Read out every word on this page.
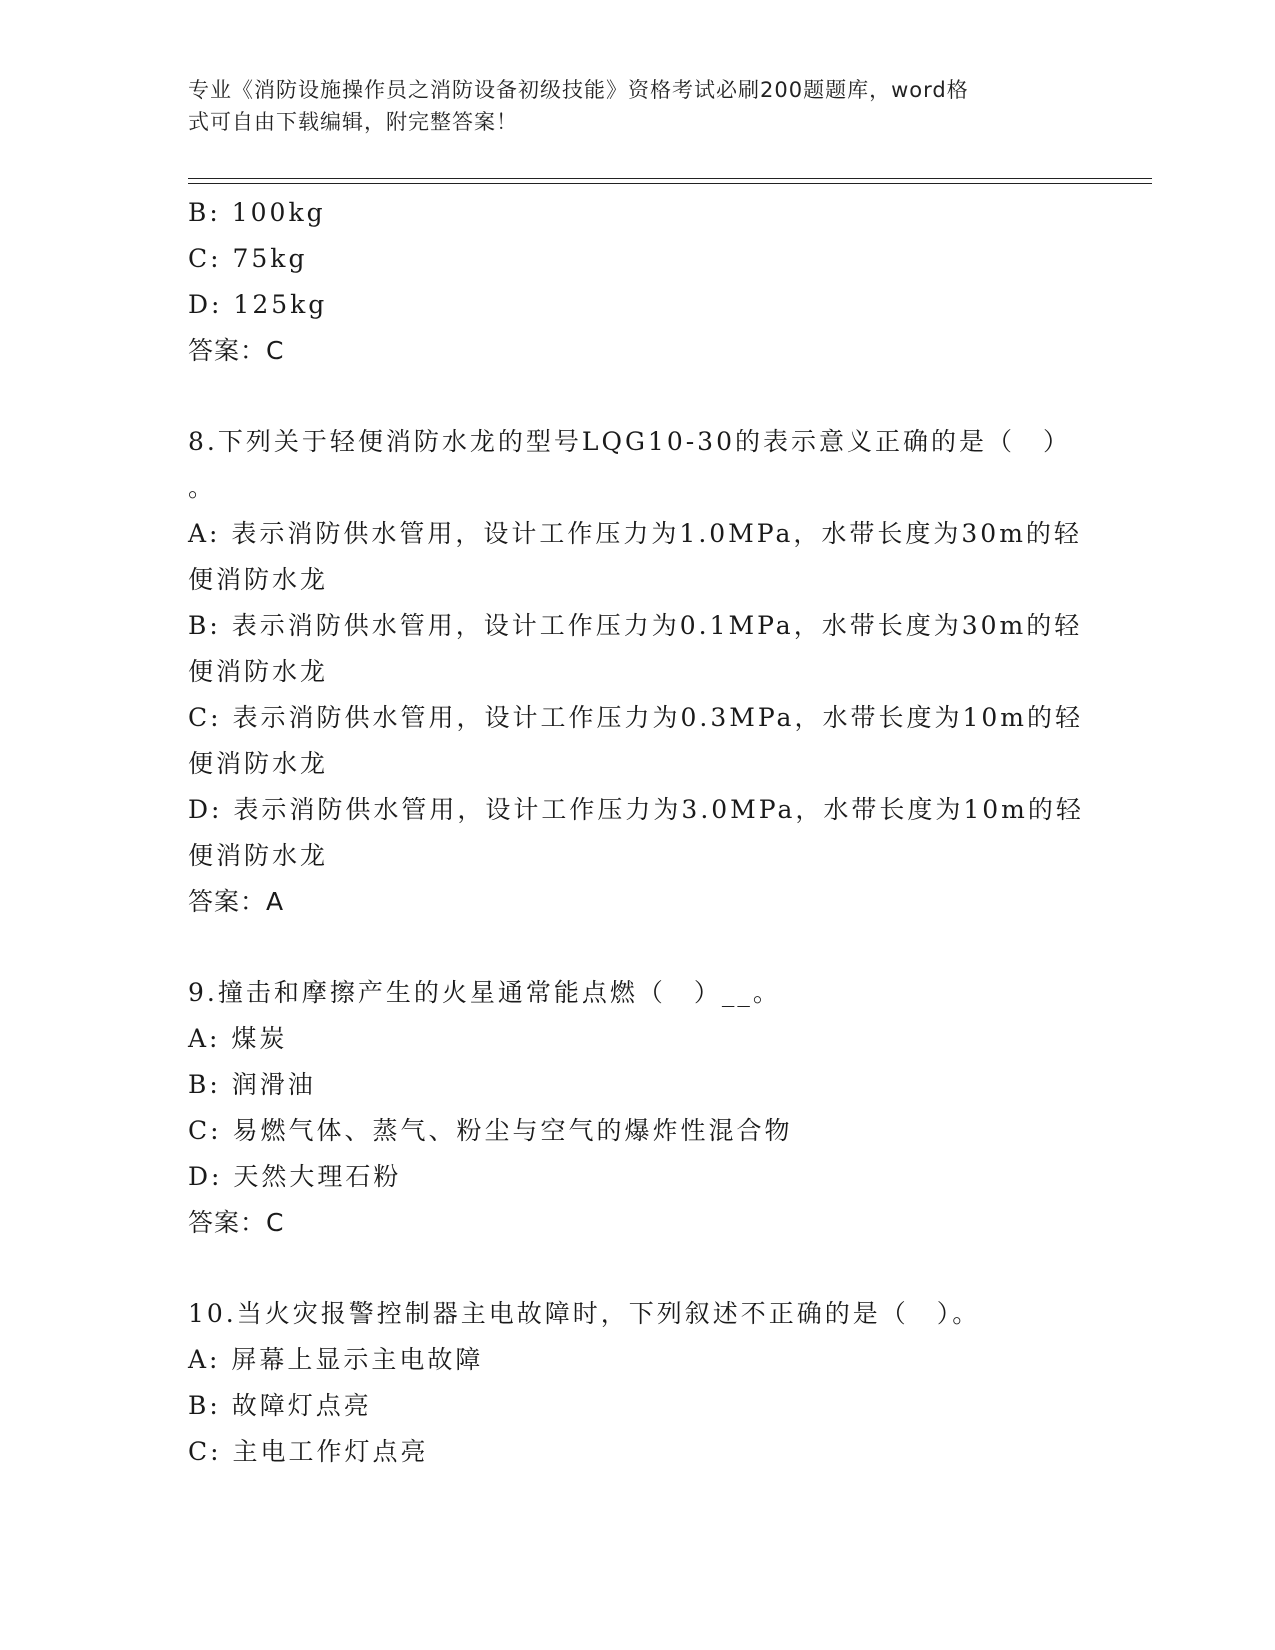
专业《消防设施操作员之消防设备初级技能》资格考试必刷200题题库，word格
式可自由下载编辑，附完整答案！
B: 100kg
C: 75kg
D: 125kg
答案：C
8.下列关于轻便消防水龙的型号LQG10-30的表示意义正确的是（　）
。
A: 表示消防供水管用，设计工作压力为1.0MPa，水带长度为30m的轻
便消防水龙
B: 表示消防供水管用，设计工作压力为0.1MPa，水带长度为30m的轻
便消防水龙
C: 表示消防供水管用，设计工作压力为0.3MPa，水带长度为10m的轻
便消防水龙
D: 表示消防供水管用，设计工作压力为3.0MPa，水带长度为10m的轻
便消防水龙
答案：A
9.撞击和摩擦产生的火星通常能点燃（　）__。
A: 煤炭
B: 润滑油
C: 易燃气体、蒸气、粉尘与空气的爆炸性混合物
D: 天然大理石粉
答案：C
10.当火灾报警控制器主电故障时，下列叙述不正确的是（　）。
A: 屏幕上显示主电故障
B: 故障灯点亮
C: 主电工作灯点亮
